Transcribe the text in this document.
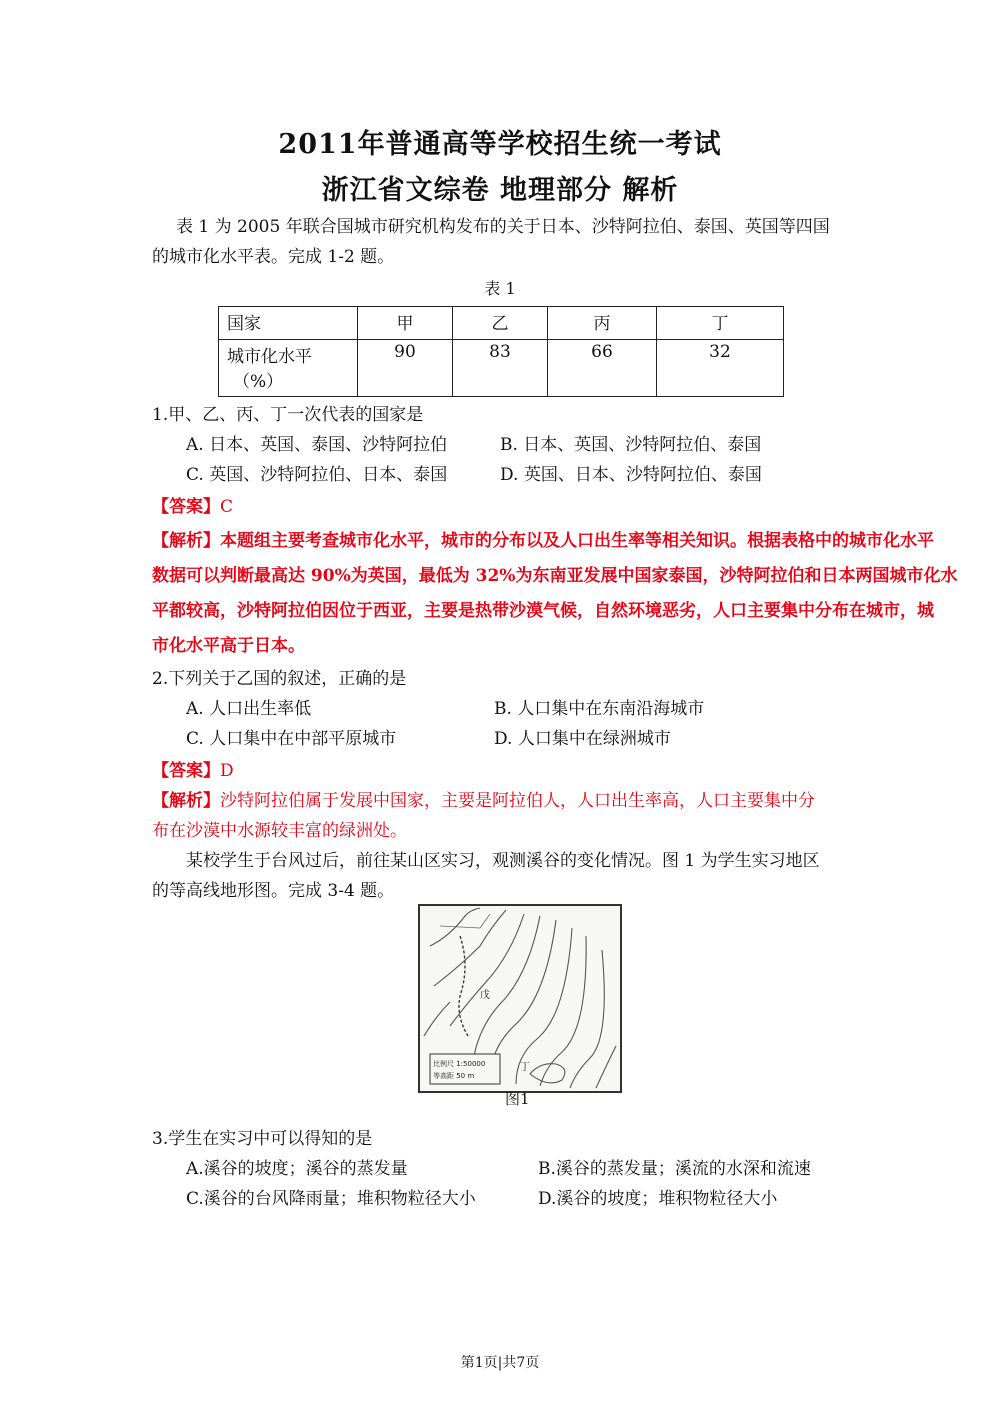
2011年普通高等学校招生统一考试
浙江省文综卷 地理部分 解析
表 1 为 2005 年联合国城市研究机构发布的关于日本、沙特阿拉伯、泰国、英国等四国
的城市化水平表。完成 1-2 题。
表 1
国家	甲	乙	丙	丁

城市化水平
（%）	90	83	66	32
1.甲、乙、丙、丁一次代表的国家是
A. 日本、英国、泰国、沙特阿拉伯	B. 日本、英国、沙特阿拉伯、泰国
C. 英国、沙特阿拉伯、日本、泰国	D. 英国、日本、沙特阿拉伯、泰国
【答案】C
【解析】本题组主要考查城市化水平，城市的分布以及人口出生率等相关知识。根据表格中的城市化水平
数据可以判断最高达 90%为英国，最低为 32%为东南亚发展中国家泰国，沙特阿拉伯和日本两国城市化水
平都较高，沙特阿拉伯因位于西亚，主要是热带沙漠气候，自然环境恶劣，人口主要集中分布在城市，城
市化水平高于日本。
2.下列关于乙国的叙述，正确的是
A. 人口出生率低	B. 人口集中在东南沿海城市
C. 人口集中在中部平原城市	D. 人口集中在绿洲城市
【答案】D
【解析】沙特阿拉伯属于发展中国家，主要是阿拉伯人，人口出生率高，人口主要集中分
布在沙漠中水源较丰富的绿洲处。
某校学生于台风过后，前往某山区实习，观测溪谷的变化情况。图 1 为学生实习地区
的等高线地形图。完成 3-4 题。
戊
丁
比例尺 1:50000
等高距 50 m
图1
3.学生在实习中可以得知的是
A.溪谷的坡度；溪谷的蒸发量	B.溪谷的蒸发量；溪流的水深和流速
C.溪谷的台风降雨量；堆积物粒径大小	D.溪谷的坡度；堆积物粒径大小
第1页|共7页
